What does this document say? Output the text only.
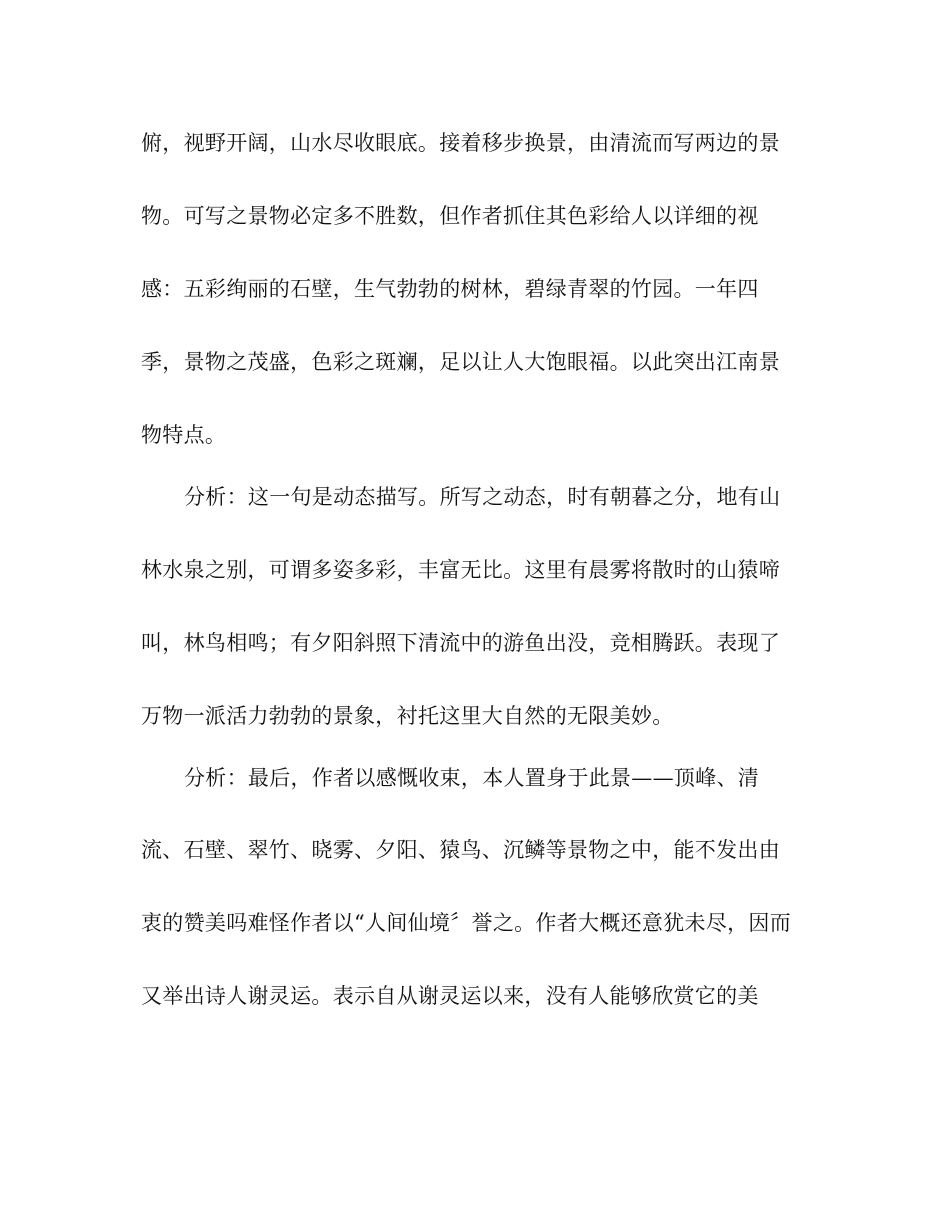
俯，视野开阔，山水尽收眼底。接着移步换景，由清流而写两边的景
物。可写之景物必定多不胜数，但作者抓住其色彩给人以详细的视
感：五彩绚丽的石壁，生气勃勃的树林，碧绿青翠的竹园。一年四
季，景物之茂盛，色彩之斑斓，足以让人大饱眼福。以此突出江南景
物特点。
分析：这一句是动态描写。所写之动态，时有朝暮之分，地有山
林水泉之别，可谓多姿多彩，丰富无比。这里有晨雾将散时的山猿啼
叫，林鸟相鸣；有夕阳斜照下清流中的游鱼出没，竞相腾跃。表现了
万物一派活力勃勃的景象，衬托这里大自然的无限美妙。
分析：最后，作者以感慨收束，本人置身于此景——顶峰、清
流、石壁、翠竹、晓雾、夕阳、猿鸟、沉鳞等景物之中，能不发出由
衷的赞美吗难怪作者以“人间仙境〞誉之。作者大概还意犹未尽，因而
又举出诗人谢灵运。表示自从谢灵运以来，没有人能够欣赏它的美
